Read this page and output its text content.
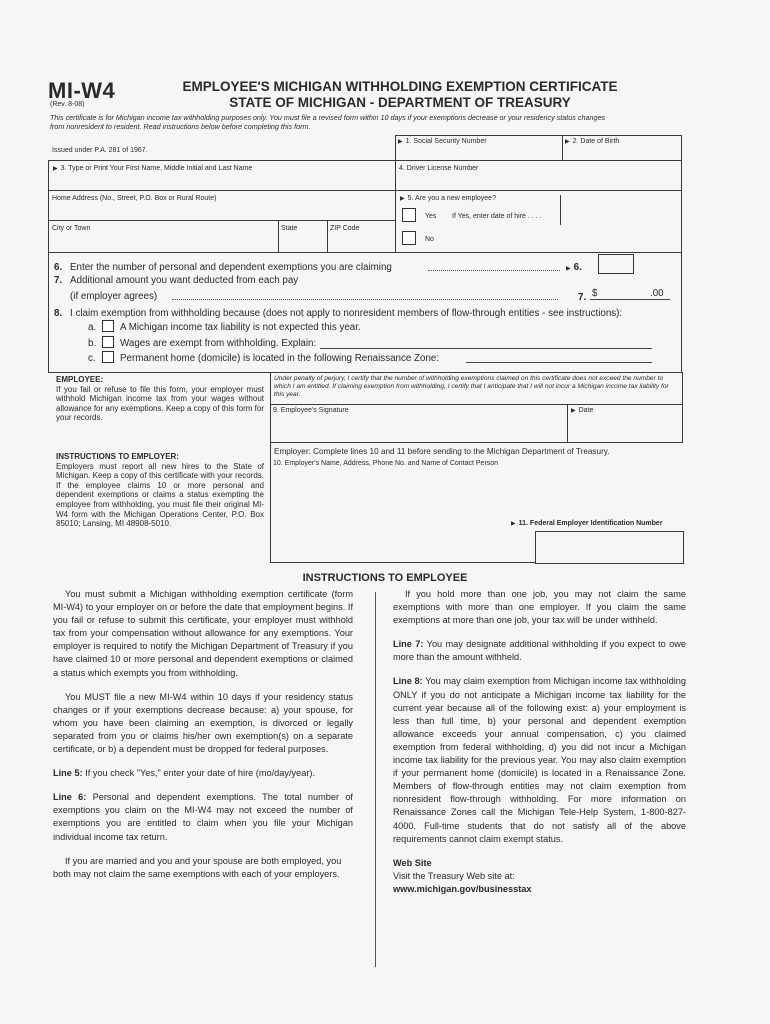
MI-W4
(Rev. 8-08)
EMPLOYEE'S MICHIGAN WITHHOLDING EXEMPTION CERTIFICATE
STATE OF MICHIGAN - DEPARTMENT OF TREASURY
This certificate is for Michigan income tax withholding purposes only. You must file a revised form within 10 days if your exemptions decrease or your residency status changes
from nonresident to resident. Read instructions below before completing this form.
Issued under P.A. 281 of 1967.
▶ 1. Social Security Number	▶ 2. Date of Birth
▶ 3. Type or Print Your First Name, Middle Initial and Last Name	4. Driver License Number
Home Address (No., Street, P.O. Box or Rural Route)	▶ 5. Are you a new employee?
Yes If Yes, enter date of hire . . . .
No
City or Town	State	ZIP Code
6. Enter the number of personal and dependent exemptions you are claiming	▶ 6.
7. Additional amount you want deducted from each pay
(if employer agrees)	7. $	.00
8. I claim exemption from withholding because (does not apply to nonresident members of flow-through entities - see instructions):
a. A Michigan income tax liability is not expected this year.
b. Wages are exempt from withholding. Explain:
c. Permanent home (domicile) is located in the following Renaissance Zone:
EMPLOYEE:
If you fail or refuse to file this form, your employer must withhold Michigan income tax from your wages without allowance for any exemptions. Keep a copy of this form for your records.
INSTRUCTIONS TO EMPLOYER:
Employers must report all new hires to the State of Michigan. Keep a copy of this certificate with your records. If the employee claims 10 or more personal and dependent exemptions or claims a status exempting the employee from withholding, you must file their original MI-W4 form with the Michigan Operations Center, P.O. Box 85010; Lansing, MI 48908-5010.
Under penalty of perjury, I certify that the number of withholding exemptions claimed on this certificate does not exceed the number to which I am entitled. If claiming exemption from withholding, I certify that I anticipate that I will not incur a Michigan income tax liability for this year.
9. Employee's Signature	▶ Date
Employer: Complete lines 10 and 11 before sending to the Michigan Department of Treasury.
10. Employer's Name, Address, Phone No. and Name of Contact Person
▶ 11. Federal Employer Identification Number
INSTRUCTIONS TO EMPLOYEE

You must submit a Michigan withholding exemption certificate (form MI-W4) to your employer on or before the date that employment begins. If you fail or refuse to submit this certificate, your employer must withhold tax from your compensation without allowance for any exemptions. Your employer is required to notify the Michigan Department of Treasury if you have claimed 10 or more personal and dependent exemptions or claimed a status which exempts you from withholding.

You MUST file a new MI-W4 within 10 days if your residency status changes or if your exemptions decrease because: a) your spouse, for whom you have been claiming an exemption, is divorced or legally separated from you or claims his/her own exemption(s) on a separate certificate, or b) a dependent must be dropped for federal purposes.

Line 5: If you check "Yes," enter your date of hire (mo/day/year).

Line 6: Personal and dependent exemptions. The total number of exemptions you claim on the MI-W4 may not exceed the number of exemptions you are entitled to claim when you file your Michigan individual income tax return.

If you are married and you and your spouse are both employed, you both may not claim the same exemptions with each of your employers.

If you hold more than one job, you may not claim the same exemptions with more than one employer. If you claim the same exemptions at more than one job, your tax will be under withheld.

Line 7: You may designate additional withholding if you expect to owe more than the amount withheld.

Line 8: You may claim exemption from Michigan income tax withholding ONLY if you do not anticipate a Michigan income tax liability for the current year because all of the following exist: a) your employment is less than full time, b) your personal and dependent exemption allowance exceeds your annual compensation, c) you claimed exemption from federal withholding, d) you did not incur a Michigan income tax liability for the previous year. You may also claim exemption if your permanent home (domicile) is located in a Renaissance Zone. Members of flow-through entities may not claim exemption from nonresident flow-through withholding. For more information on Renaissance Zones call the Michigan Tele-Help System, 1-800-827-4000. Full-time students that do not satisfy all of the above requirements cannot claim exempt status.

Web Site
Visit the Treasury Web site at:
www.michigan.gov/businesstax
